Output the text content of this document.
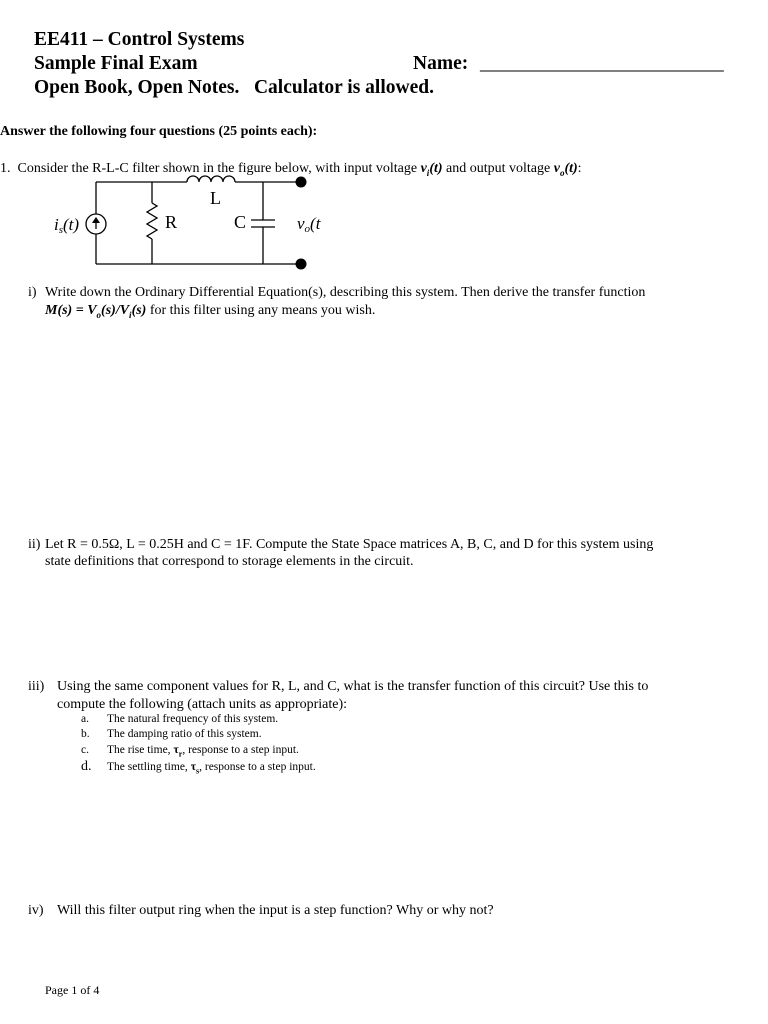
EE411 – Control Systems
Sample Final Exam	Name: _________________________
Open Book, Open Notes.   Calculator is allowed.
Answer the following four questions (25 points each):
1. Consider the R-L-C filter shown in the figure below, with input voltage $v_i(t)$ and output voltage $v_o(t)$:
is(t)	R
L
C	vo(t
i) Write down the Ordinary Differential Equation(s), describing this system. Then derive the transfer function
$M(s) = V_o(s)/V_i(s)$ for this filter using any means you wish.
ii) Let R = 0.5Ω, L = 0.25H and C = 1F. Compute the State Space matrices A, B, C, and D for this system using
state definitions that correspond to storage elements in the circuit.
iii) Using the same component values for R, L, and C, what is the transfer function of this circuit? Use this to
compute the following (attach units as appropriate):
a. The natural frequency of this system.
b. The damping ratio of this system.
c. The rise time, $\tau_r$, response to a step input.
d. The settling time, $\tau_s$, response to a step input.
iv) Will this filter output ring when the input is a step function? Why or why not?
Page 1 of 4
